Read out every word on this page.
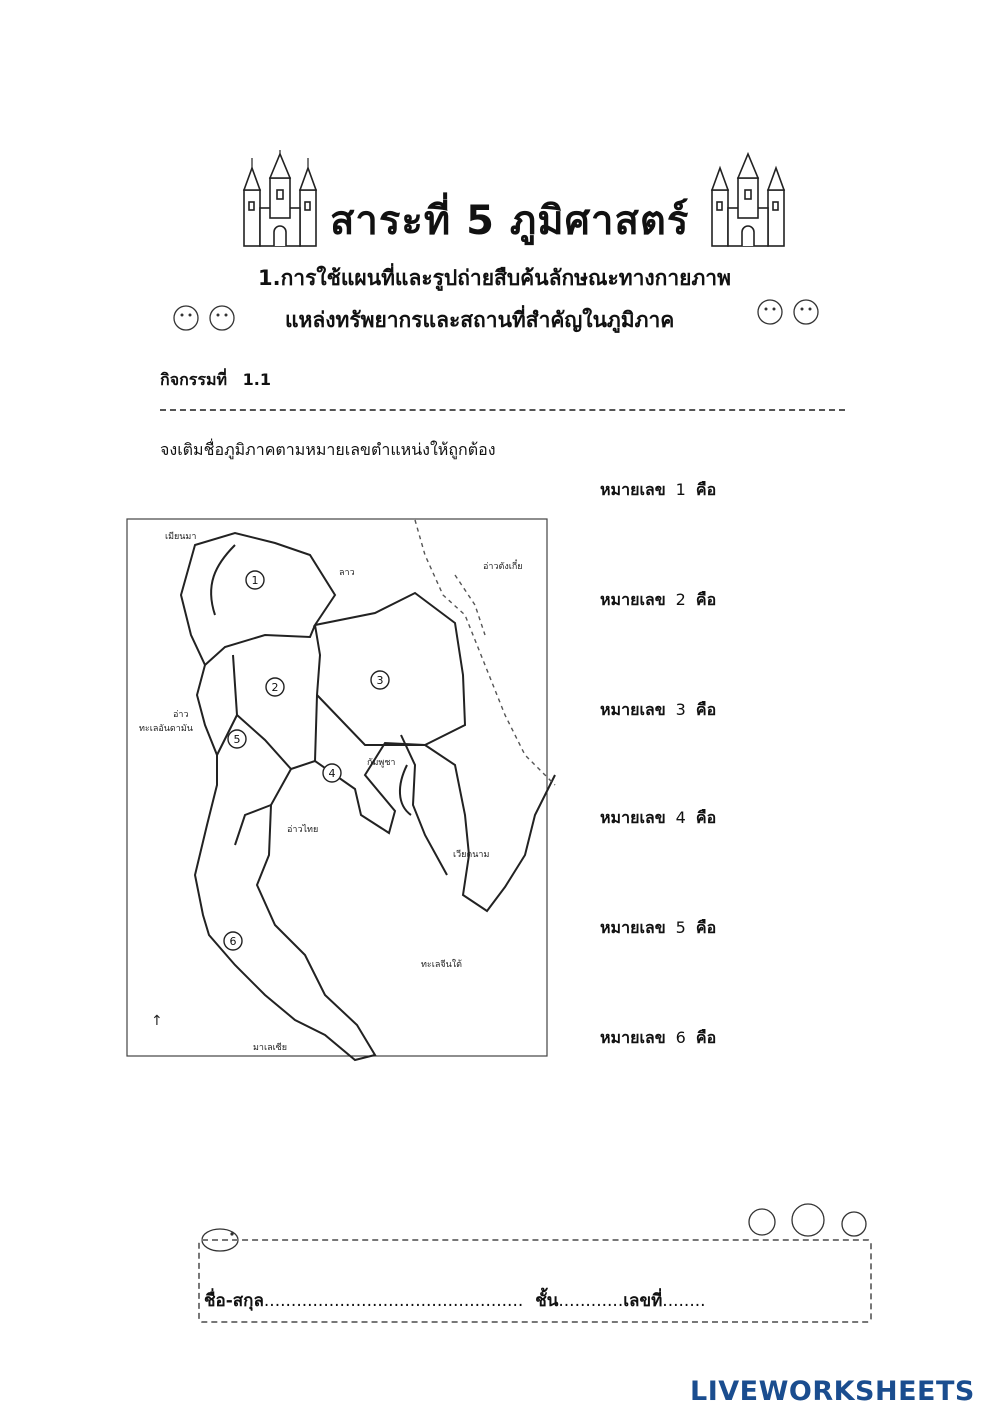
สาระที่ 5 ภูมิศาสตร์
1.การใช้แผนที่และรูปถ่ายสืบค้นลักษณะทางกายภาพ
แหล่งทรัพยากรและสถานที่สำคัญในภูมิภาค
กิจกรรมที่ 1.1
จงเติมชื่อภูมิภาคตามหมายเลขตำแหน่งให้ถูกต้อง
หมายเลข 1 คือ
หมายเลข 2 คือ
หมายเลข 3 คือ
หมายเลข 4 คือ
หมายเลข 5 คือ
หมายเลข 6 คือ
1
2
3
4
5
6
เมียนมา
ลาว
อ่าวตังเกี๋ย
อ่าว
ทะเลอันดามัน
กัมพูชา
อ่าวไทย
เวียดนาม
ทะเลจีนใต้
มาเลเซีย
↑
ชื่อ-สกุล................................................ ชั้น............เลขที่........
LIVEWORKSHEETS
